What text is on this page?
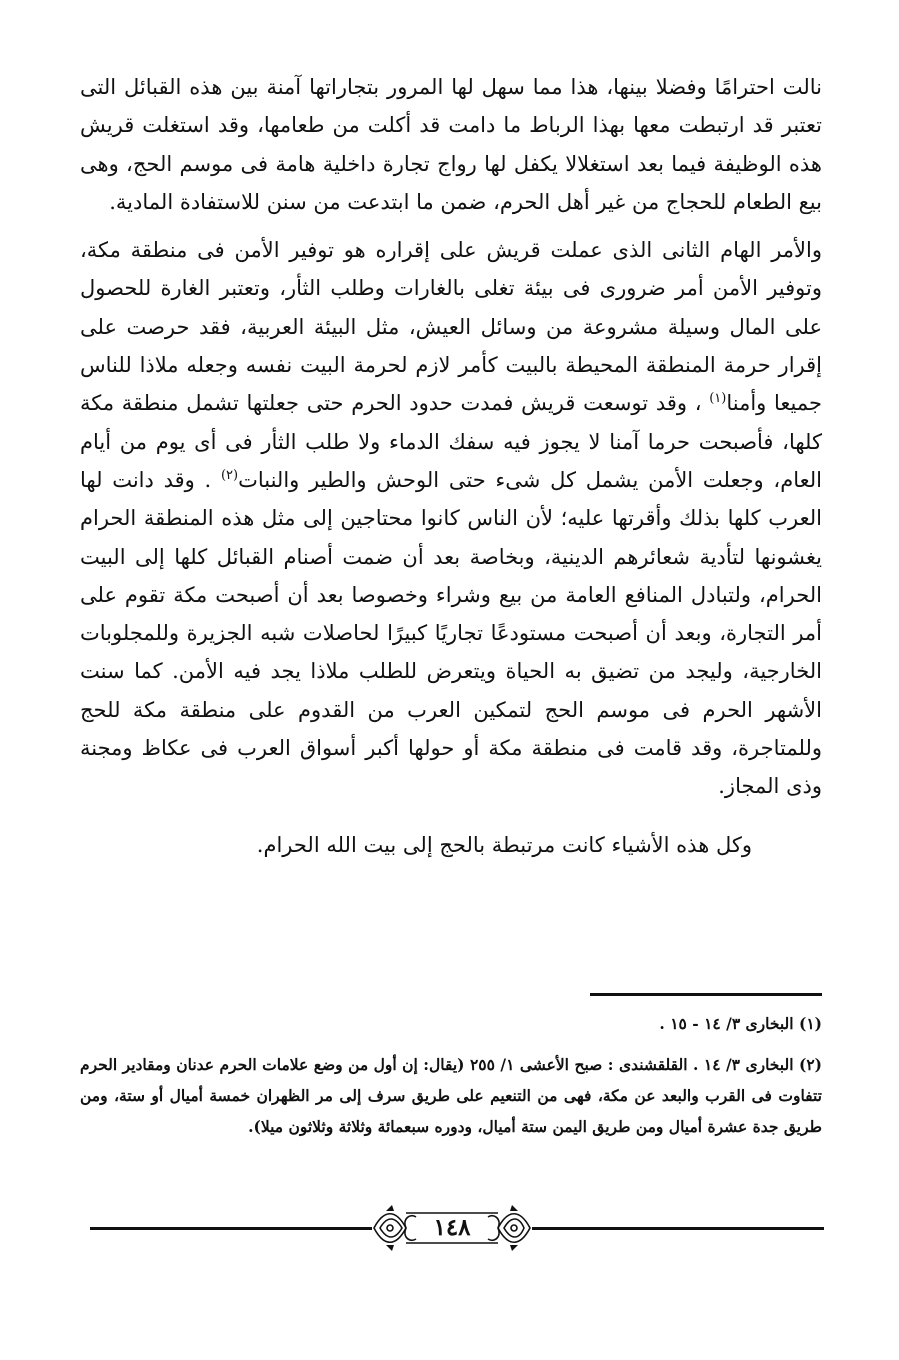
نالت احترامًا وفضلا بينها، هذا مما سهل لها المرور بتجاراتها آمنة بين هذه القبائل التى تعتبر قد ارتبطت معها بهذا الرباط ما دامت قد أكلت من طعامها، وقد استغلت قريش هذه الوظيفة فيما بعد استغلالا يكفل لها رواج تجارة داخلية هامة فى موسم الحج، وهى بيع الطعام للحجاج من غير أهل الحرم، ضمن ما ابتدعت من سنن للاستفادة المادية.

والأمر الهام الثانى الذى عملت قريش على إقراره هو توفير الأمن فى منطقة مكة، وتوفير الأمن أمر ضرورى فى بيئة تغلى بالغارات وطلب الثأر، وتعتبر الغارة للحصول على المال وسيلة مشروعة من وسائل العيش، مثل البيئة العربية، فقد حرصت على إقرار حرمة المنطقة المحيطة بالبيت كأمر لازم لحرمة البيت نفسه وجعله ملاذا للناس جميعا وأمنا$^{(١)}$ ، وقد توسعت قريش فمدت حدود الحرم حتى جعلتها تشمل منطقة مكة كلها، فأصبحت حرما آمنا لا يجوز فيه سفك الدماء ولا طلب الثأر فى أى يوم من أيام العام، وجعلت الأمن يشمل كل شىء حتى الوحش والطير والنبات$^{(٢)}$ . وقد دانت لها العرب كلها بذلك وأقرتها عليه؛ لأن الناس كانوا محتاجين إلى مثل هذه المنطقة الحرام يغشونها لتأدية شعائرهم الدينية، وبخاصة بعد أن ضمت أصنام القبائل كلها إلى البيت الحرام، ولتبادل المنافع العامة من بيع وشراء وخصوصا بعد أن أصبحت مكة تقوم على أمر التجارة، وبعد أن أصبحت مستودعًا تجاريًا كبيرًا لحاصلات شبه الجزيرة وللمجلوبات الخارجية، وليجد من تضيق به الحياة ويتعرض للطلب ملاذا يجد فيه الأمن. كما سنت الأشهر الحرم فى موسم الحج لتمكين العرب من القدوم على منطقة مكة للحج وللمتاجرة، وقد قامت فى منطقة مكة أو حولها أكبر أسواق العرب فى عكاظ ومجنة وذى المجاز.

وكل هذه الأشياء كانت مرتبطة بالحج إلى بيت الله الحرام.

(١) البخارى ٣/ ١٤ - ١٥ .

(٢) البخارى ٣/ ١٤ . القلقشندى : صبح الأعشى ١/ ٢٥٥ (يقال: إن أول من وضع علامات الحرم عدنان ومقادير الحرم تتفاوت فى القرب والبعد عن مكة، فهى من التنعيم على طريق سرف إلى مر الظهران خمسة أميال أو ستة، ومن طريق جدة عشرة أميال ومن طريق اليمن ستة أميال، ودوره سبعمائة وثلاثة وثلاثون ميلا).

١٤٨
